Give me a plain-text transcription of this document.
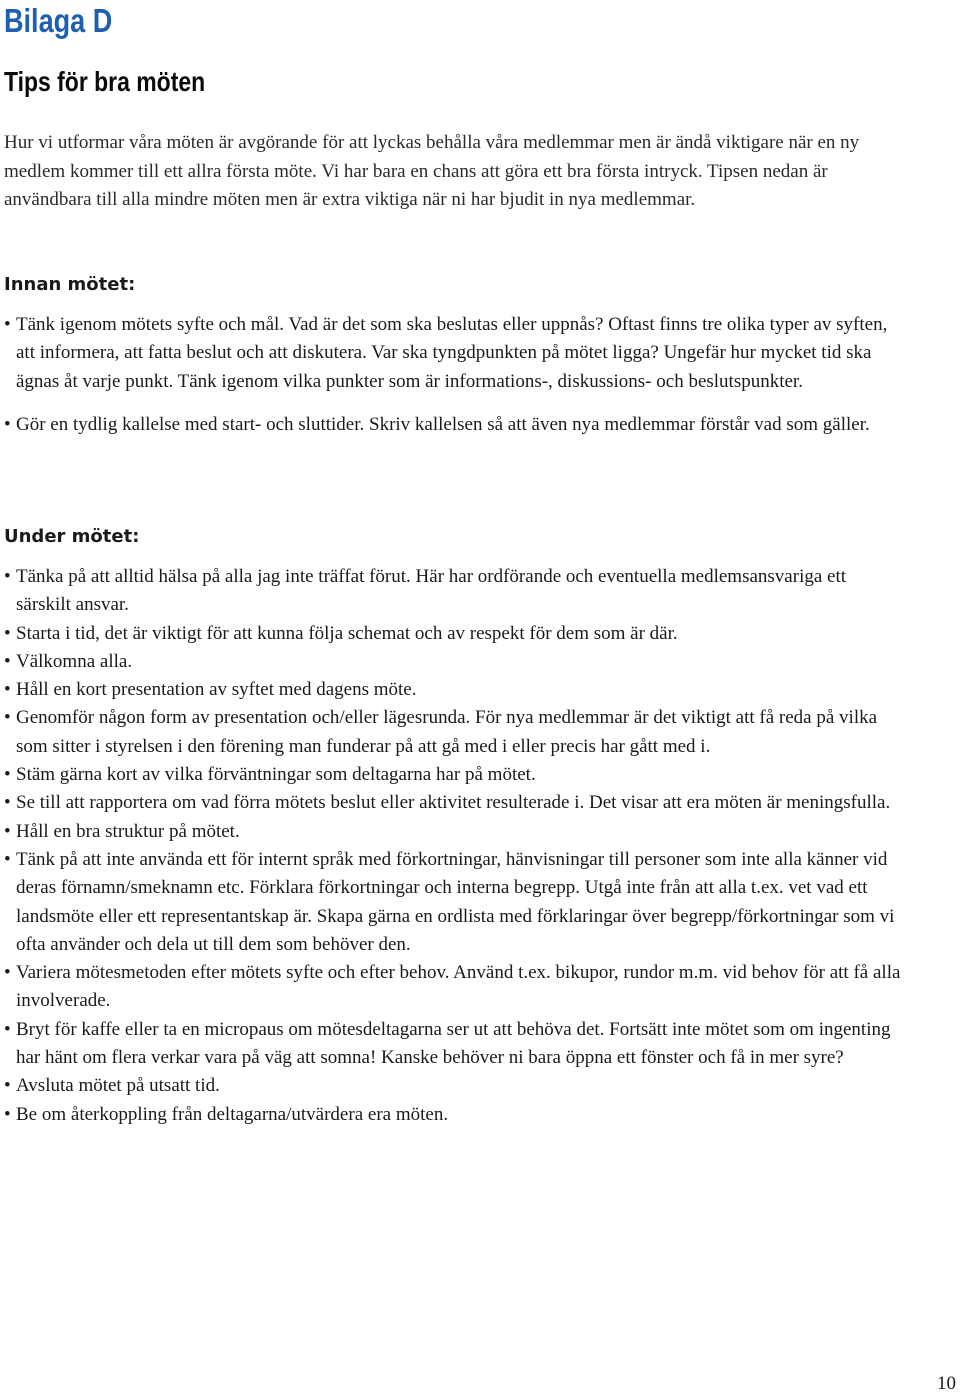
Bilaga D
Tips för bra möten

Hur vi utformar våra möten är avgörande för att lyckas behålla våra medlemmar men är ändå viktigare när en ny medlem kommer till ett allra första möte. Vi har bara en chans att göra ett bra första intryck. Tipsen nedan är användbara till alla mindre möten men är extra viktiga när ni har bjudit in nya medlemmar.

Innan mötet:
• Tänk igenom mötets syfte och mål. Vad är det som ska beslutas eller uppnås? Oftast finns tre olika typer av syften, att informera, att fatta beslut och att diskutera. Var ska tyngdpunkten på mötet ligga? Ungefär hur mycket tid ska ägnas åt varje punkt. Tänk igenom vilka punkter som är informations-, diskussions- och beslutspunkter.
• Gör en tydlig kallelse med start- och sluttider. Skriv kallelsen så att även nya medlemmar förstår vad som gäller.
Under mötet:
• Tänka på att alltid hälsa på alla jag inte träffat förut. Här har ordförande och eventuella medlemsansvariga ett särskilt ansvar.
• Starta i tid, det är viktigt för att kunna följa schemat och av respekt för dem som är där.
• Välkomna alla.
• Håll en kort presentation av syftet med dagens möte.
• Genomför någon form av presentation och/eller lägesrunda. För nya medlemmar är det viktigt att få reda på vilka som sitter i styrelsen i den förening man funderar på att gå med i eller precis har gått med i.
• Stäm gärna kort av vilka förväntningar som deltagarna har på mötet.
• Se till att rapportera om vad förra mötets beslut eller aktivitet resulterade i. Det visar att era möten är meningsfulla.
• Håll en bra struktur på mötet.
• Tänk på att inte använda ett för internt språk med förkortningar, hänvisningar till personer som inte alla känner vid deras förnamn/smeknamn etc. Förklara förkortningar och interna begrepp. Utgå inte från att alla t.ex. vet vad ett landsmöte eller ett representantskap är. Skapa gärna en ordlista med förklaringar över begrepp/förkortningar som vi ofta använder och dela ut till dem som behöver den.
• Variera mötesmetoden efter mötets syfte och efter behov. Använd t.ex. bikupor, rundor m.m. vid behov för att få alla involverade.
• Bryt för kaffe eller ta en micropaus om mötesdeltagarna ser ut att behöva det. Fortsätt inte mötet som om ingenting har hänt om flera verkar vara på väg att somna! Kanske behöver ni bara öppna ett fönster och få in mer syre?
• Avsluta mötet på utsatt tid.
• Be om återkoppling från deltagarna/utvärdera era möten.
10
